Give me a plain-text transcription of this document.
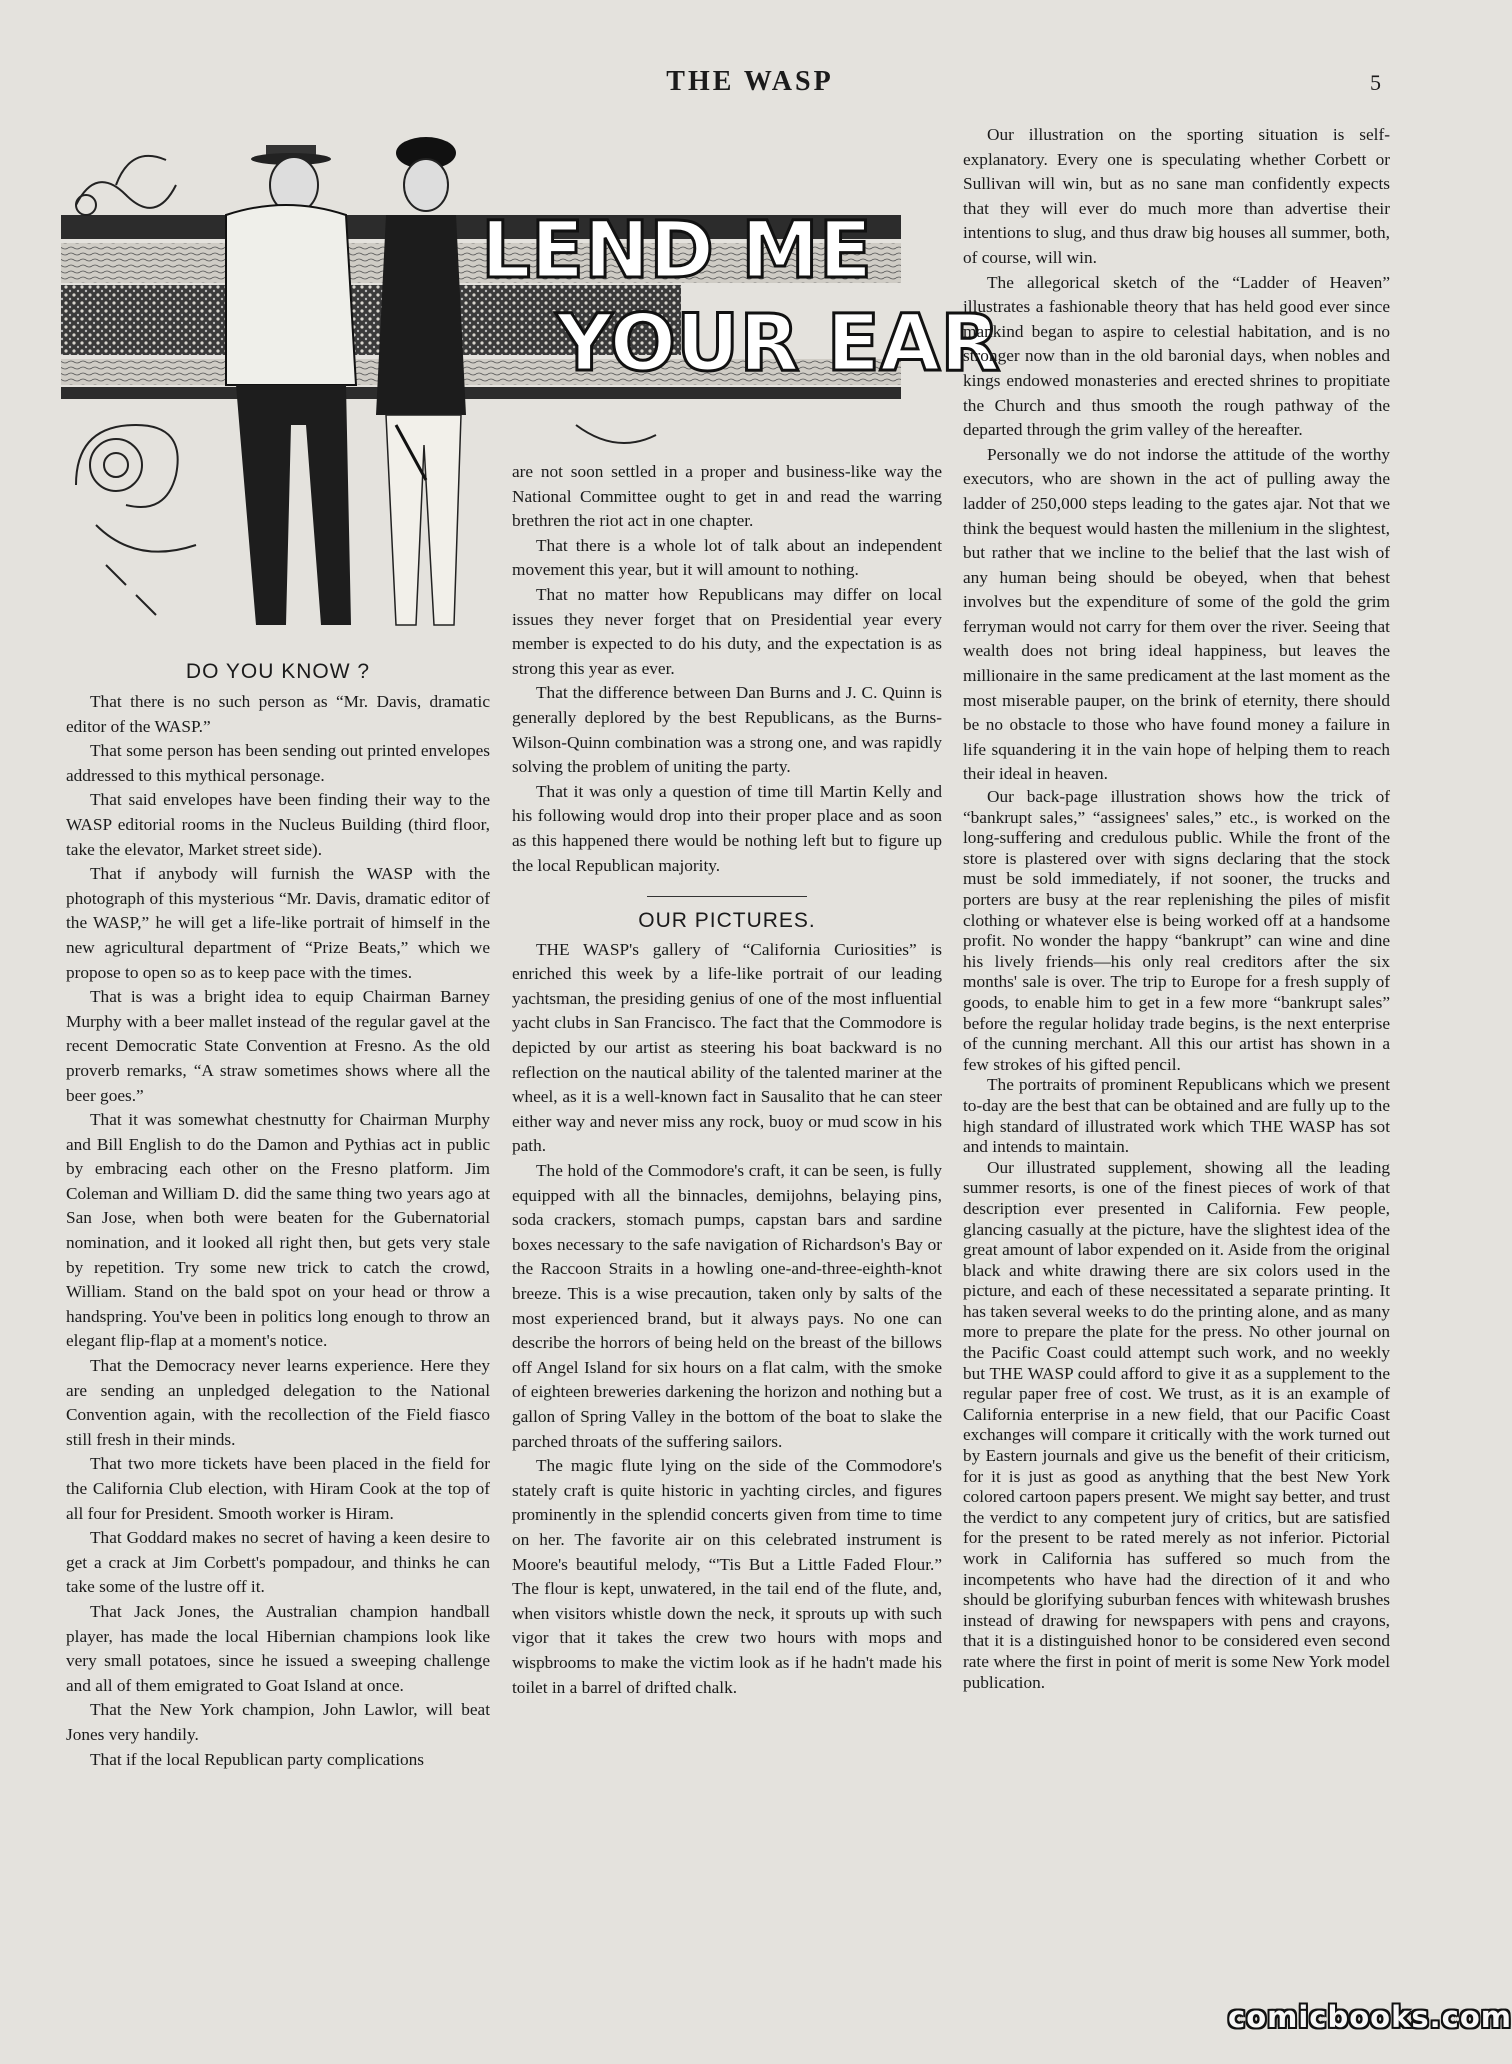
THE WASP	5
LEND ME
YOUR EAR
DO YOU KNOW ?

That there is no such person as “Mr. Davis, dramatic editor of the WASP.”

That some person has been sending out printed envelopes addressed to this mythical personage.

That said envelopes have been finding their way to the WASP editorial rooms in the Nucleus Building (third floor, take the elevator, Market street side).

That if anybody will furnish the WASP with the photograph of this mysterious “Mr. Davis, dramatic editor of the WASP,” he will get a life-like portrait of himself in the new agricultural department of “Prize Beats,” which we propose to open so as to keep pace with the times.

That is was a bright idea to equip Chairman Barney Murphy with a beer mallet instead of the regular gavel at the recent Democratic State Convention at Fresno. As the old proverb remarks, “A straw sometimes shows where all the beer goes.”

That it was somewhat chestnutty for Chairman Murphy and Bill English to do the Damon and Pythias act in public by embracing each other on the Fresno platform. Jim Coleman and William D. did the same thing two years ago at San Jose, when both were beaten for the Gubernatorial nomination, and it looked all right then, but gets very stale by repetition. Try some new trick to catch the crowd, William. Stand on the bald spot on your head or throw a handspring. You've been in politics long enough to throw an elegant flip-flap at a moment's notice.

That the Democracy never learns experience. Here they are sending an unpledged delegation to the National Convention again, with the recollection of the Field fiasco still fresh in their minds.

That two more tickets have been placed in the field for the California Club election, with Hiram Cook at the top of all four for President. Smooth worker is Hiram.

That Goddard makes no secret of having a keen desire to get a crack at Jim Corbett's pompadour, and thinks he can take some of the lustre off it.

That Jack Jones, the Australian champion handball player, has made the local Hibernian champions look like very small potatoes, since he issued a sweeping challenge and all of them emigrated to Goat Island at once.

That the New York champion, John Lawlor, will beat Jones very handily.

That if the local Republican party complications

are not soon settled in a proper and business-like way the National Committee ought to get in and read the warring brethren the riot act in one chapter.

That there is a whole lot of talk about an independent movement this year, but it will amount to nothing.

That no matter how Republicans may differ on local issues they never forget that on Presidential year every member is expected to do his duty, and the expectation is as strong this year as ever.

That the difference between Dan Burns and J. C. Quinn is generally deplored by the best Republicans, as the Burns-Wilson-Quinn combination was a strong one, and was rapidly solving the problem of uniting the party.

That it was only a question of time till Martin Kelly and his following would drop into their proper place and as soon as this happened there would be nothing left but to figure up the local Republican majority.

OUR PICTURES.

THE WASP's gallery of “California Curiosities” is enriched this week by a life-like portrait of our leading yachtsman, the presiding genius of one of the most influential yacht clubs in San Francisco. The fact that the Commodore is depicted by our artist as steering his boat backward is no reflection on the nautical ability of the talented mariner at the wheel, as it is a well-known fact in Sausalito that he can steer either way and never miss any rock, buoy or mud scow in his path.

The hold of the Commodore's craft, it can be seen, is fully equipped with all the binnacles, demijohns, belaying pins, soda crackers, stomach pumps, capstan bars and sardine boxes necessary to the safe navigation of Richardson's Bay or the Raccoon Straits in a howling one-and-three-eighth-knot breeze. This is a wise precaution, taken only by salts of the most experienced brand, but it always pays. No one can describe the horrors of being held on the breast of the billows off Angel Island for six hours on a flat calm, with the smoke of eighteen breweries darkening the horizon and nothing but a gallon of Spring Valley in the bottom of the boat to slake the parched throats of the suffering sailors.

The magic flute lying on the side of the Commodore's stately craft is quite historic in yachting circles, and figures prominently in the splendid concerts given from time to time on her. The favorite air on this celebrated instrument is Moore's beautiful melody, “'Tis But a Little Faded Flour.” The flour is kept, unwatered, in the tail end of the flute, and, when visitors whistle down the neck, it sprouts up with such vigor that it takes the crew two hours with mops and wispbrooms to make the victim look as if he hadn't made his toilet in a barrel of drifted chalk.

Our illustration on the sporting situation is self-explanatory. Every one is speculating whether Corbett or Sullivan will win, but as no sane man confidently expects that they will ever do much more than advertise their intentions to slug, and thus draw big houses all summer, both, of course, will win.

The allegorical sketch of the “Ladder of Heaven” illustrates a fashionable theory that has held good ever since mankind began to aspire to celestial habitation, and is no stronger now than in the old baronial days, when nobles and kings endowed monasteries and erected shrines to propitiate the Church and thus smooth the rough pathway of the departed through the grim valley of the hereafter.

Personally we do not indorse the attitude of the worthy executors, who are shown in the act of pulling away the ladder of 250,000 steps leading to the gates ajar. Not that we think the bequest would hasten the millenium in the slightest, but rather that we incline to the belief that the last wish of any human being should be obeyed, when that behest involves but the expenditure of some of the gold the grim ferryman would not carry for them over the river. Seeing that wealth does not bring ideal happiness, but leaves the millionaire in the same predicament at the last moment as the most miserable pauper, on the brink of eternity, there should be no obstacle to those who have found money a failure in life squandering it in the vain hope of helping them to reach their ideal in heaven.

Our back-page illustration shows how the trick of “bankrupt sales,” “assignees' sales,” etc., is worked on the long-suffering and credulous public. While the front of the store is plastered over with signs declaring that the stock must be sold immediately, if not sooner, the trucks and porters are busy at the rear replenishing the piles of misfit clothing or whatever else is being worked off at a handsome profit. No wonder the happy “bankrupt” can wine and dine his lively friends—his only real creditors after the six months' sale is over. The trip to Europe for a fresh supply of goods, to enable him to get in a few more “bankrupt sales” before the regular holiday trade begins, is the next enterprise of the cunning merchant. All this our artist has shown in a few strokes of his gifted pencil.

The portraits of prominent Republicans which we present to-day are the best that can be obtained and are fully up to the high standard of illustrated work which THE WASP has sot and intends to maintain.

Our illustrated supplement, showing all the leading summer resorts, is one of the finest pieces of work of that description ever presented in California. Few people, glancing casually at the picture, have the slightest idea of the great amount of labor expended on it. Aside from the original black and white drawing there are six colors used in the picture, and each of these necessitated a separate printing. It has taken several weeks to do the printing alone, and as many more to prepare the plate for the press. No other journal on the Pacific Coast could attempt such work, and no weekly but THE WASP could afford to give it as a supplement to the regular paper free of cost. We trust, as it is an example of California enterprise in a new field, that our Pacific Coast exchanges will compare it critically with the work turned out by Eastern journals and give us the benefit of their criticism, for it is just as good as anything that the best New York colored cartoon papers present. We might say better, and trust the verdict to any competent jury of critics, but are satisfied for the present to be rated merely as not inferior. Pictorial work in California has suffered so much from the incompetents who have had the direction of it and who should be glorifying suburban fences with whitewash brushes instead of drawing for newspapers with pens and crayons, that it is a distinguished honor to be considered even second rate where the first in point of merit is some New York model publication.

comicbooks.com
